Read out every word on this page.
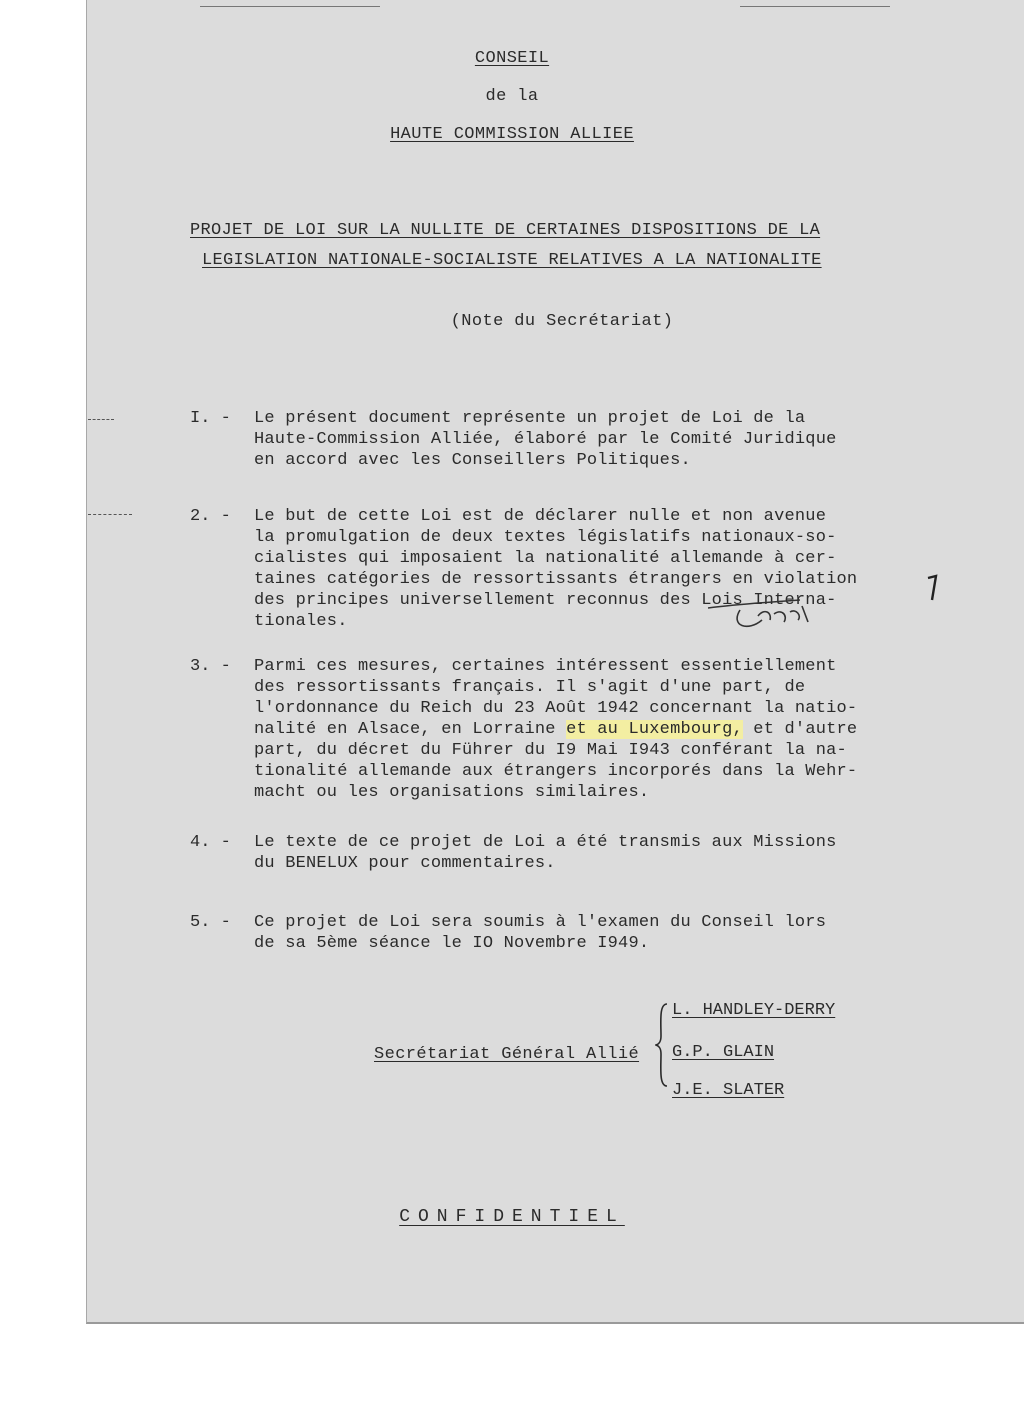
CONSEIL
de la
HAUTE COMMISSION ALLIEE
PROJET DE LOI SUR LA NULLITE DE CERTAINES DISPOSITIONS DE LA
LEGISLATION NATIONALE-SOCIALISTE RELATIVES A LA NATIONALITE
(Note du Secrétariat)
I. - Le présent document représente un projet de Loi de la
Haute-Commission Alliée, élaboré par le Comité Juridique
en accord avec les Conseillers Politiques.
2. - Le but de cette Loi est de déclarer nulle et non avenue
la promulgation de deux textes législatifs nationaux-so-
cialistes qui imposaient la nationalité allemande à cer-
taines catégories de ressortissants étrangers en violation
des principes universellement reconnus des Lois Interna-
tionales.
3. - Parmi ces mesures, certaines intéressent essentiellement
des ressortissants français. Il s'agit d'une part, de
l'ordonnance du Reich du 23 Août 1942 concernant la natio-
nalité en Alsace, en Lorraine et au Luxembourg, et d'autre
part, du décret du Führer du I9 Mai I943 conférant la na-
tionalité allemande aux étrangers incorporés dans la Wehr-
macht ou les organisations similaires.
4. - Le texte de ce projet de Loi a été transmis aux Missions
du BENELUX pour commentaires.
5. - Ce projet de Loi sera soumis à l'examen du Conseil lors
de sa 5ème séance le IO Novembre I949.
Secrétariat Général Allié
L. HANDLEY-DERRY
G.P. GLAIN
J.E. SLATER
CONFIDENTIEL
